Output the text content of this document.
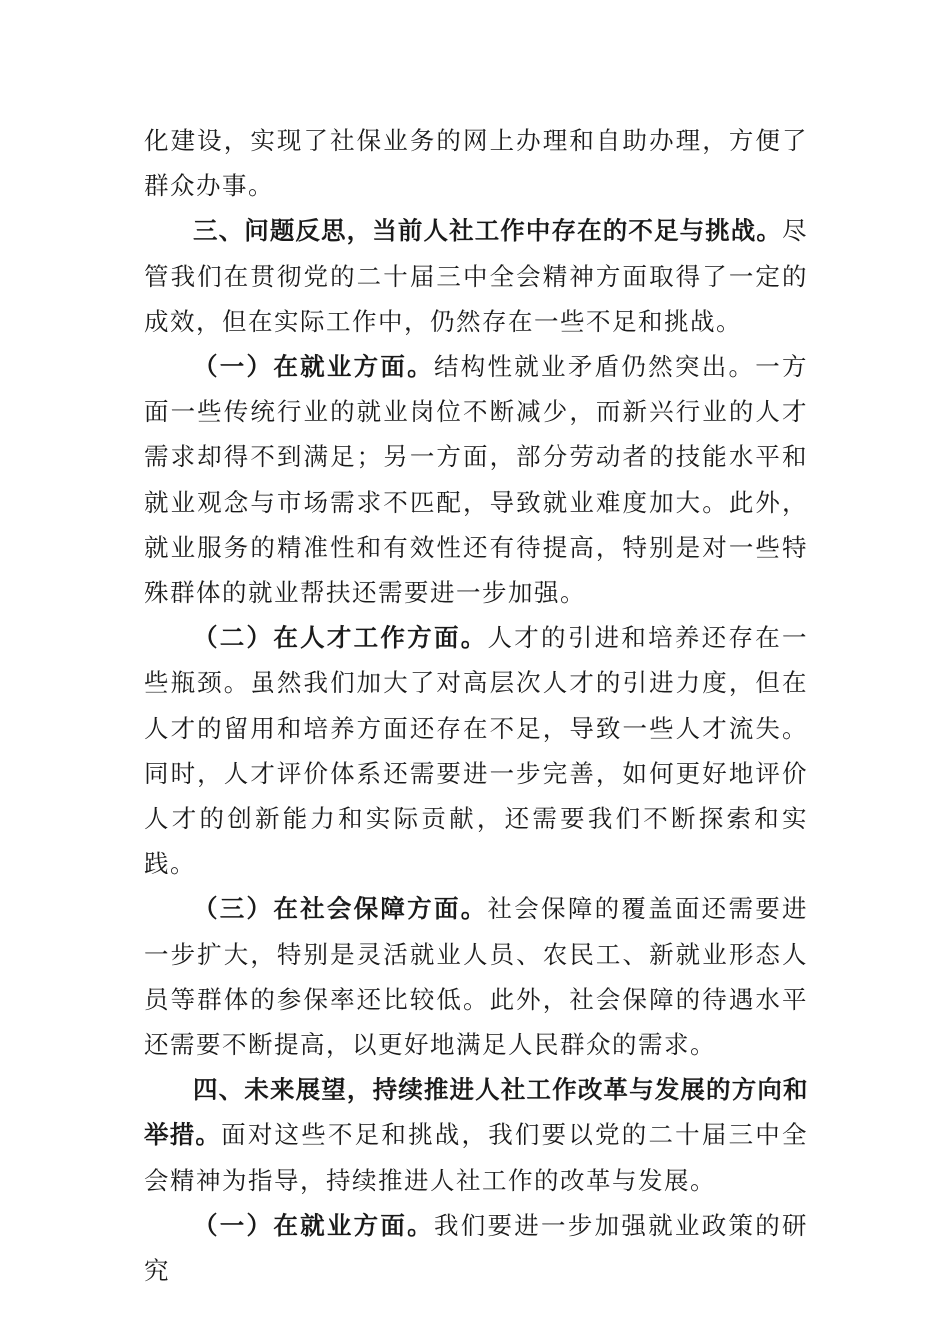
化建设，实现了社保业务的网上办理和自助办理，方便了群众办事。

三、问题反思，当前人社工作中存在的不足与挑战。尽管我们在贯彻党的二十届三中全会精神方面取得了一定的成效，但在实际工作中，仍然存在一些不足和挑战。

（一）在就业方面。结构性就业矛盾仍然突出。一方面一些传统行业的就业岗位不断减少，而新兴行业的人才需求却得不到满足；另一方面，部分劳动者的技能水平和就业观念与市场需求不匹配，导致就业难度加大。此外，就业服务的精准性和有效性还有待提高，特别是对一些特殊群体的就业帮扶还需要进一步加强。

（二）在人才工作方面。人才的引进和培养还存在一些瓶颈。虽然我们加大了对高层次人才的引进力度，但在人才的留用和培养方面还存在不足，导致一些人才流失。同时，人才评价体系还需要进一步完善，如何更好地评价人才的创新能力和实际贡献，还需要我们不断探索和实践。

（三）在社会保障方面。社会保障的覆盖面还需要进一步扩大，特别是灵活就业人员、农民工、新就业形态人员等群体的参保率还比较低。此外，社会保障的待遇水平还需要不断提高，以更好地满足人民群众的需求。

四、未来展望，持续推进人社工作改革与发展的方向和举措。面对这些不足和挑战，我们要以党的二十届三中全会精神为指导，持续推进人社工作的改革与发展。

（一）在就业方面。我们要进一步加强就业政策的研究
